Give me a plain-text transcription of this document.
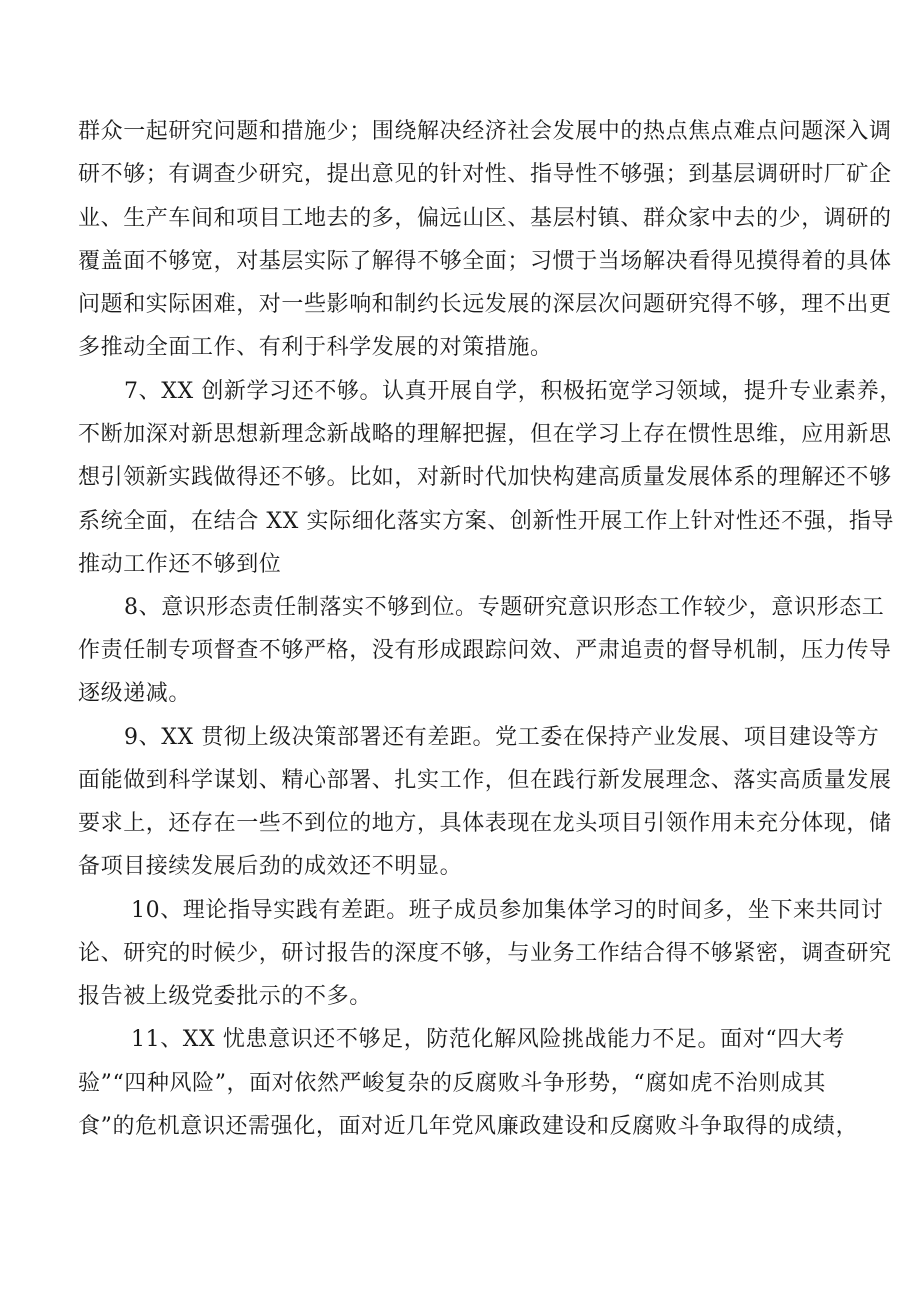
群众一起研究问题和措施少；围绕解决经济社会发展中的热点焦点难点问题深入调
研不够；有调查少研究，提出意见的针对性、指导性不够强；到基层调研时厂矿企
业、生产车间和项目工地去的多，偏远山区、基层村镇、群众家中去的少，调研的
覆盖面不够宽，对基层实际了解得不够全面；习惯于当场解决看得见摸得着的具体
问题和实际困难，对一些影响和制约长远发展的深层次问题研究得不够，理不出更
多推动全面工作、有利于科学发展的对策措施。
7、XX 创新学习还不够。认真开展自学，积极拓宽学习领域，提升专业素养，
不断加深对新思想新理念新战略的理解把握，但在学习上存在惯性思维，应用新思
想引领新实践做得还不够。比如，对新时代加快构建高质量发展体系的理解还不够
系统全面，在结合 XX 实际细化落实方案、创新性开展工作上针对性还不强，指导
推动工作还不够到位
8、意识形态责任制落实不够到位。专题研究意识形态工作较少，意识形态工
作责任制专项督查不够严格，没有形成跟踪问效、严肃追责的督导机制，压力传导
逐级递减。
9、XX 贯彻上级决策部署还有差距。党工委在保持产业发展、项目建设等方
面能做到科学谋划、精心部署、扎实工作，但在践行新发展理念、落实高质量发展
要求上，还存在一些不到位的地方，具体表现在龙头项目引领作用未充分体现，储
备项目接续发展后劲的成效还不明显。
10、理论指导实践有差距。班子成员参加集体学习的时间多，坐下来共同讨
论、研究的时候少，研讨报告的深度不够，与业务工作结合得不够紧密，调查研究
报告被上级党委批示的不多。
11、XX 忧患意识还不够足，防范化解风险挑战能力不足。面对“四大考
验”“四种风险”，面对依然严峻复杂的反腐败斗争形势，“腐如虎不治则成其
食”的危机意识还需强化，面对近几年党风廉政建设和反腐败斗争取得的成绩，
